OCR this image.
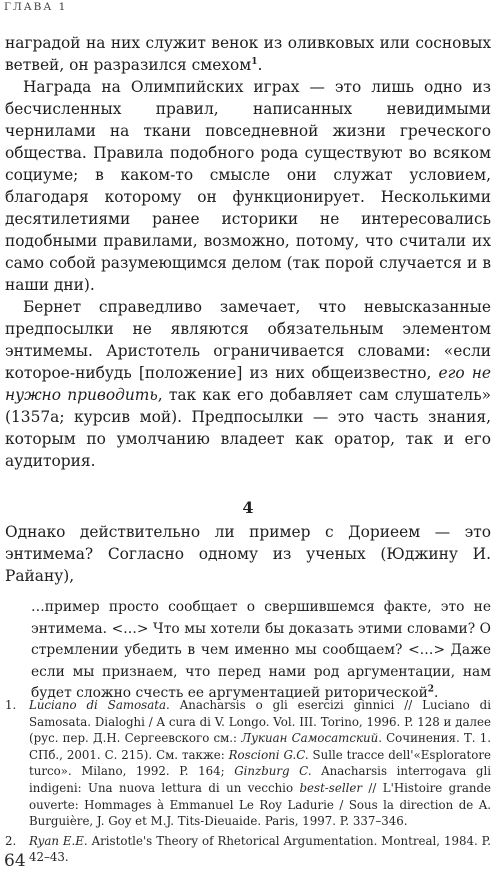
ГЛАВА 1

наградой на них служит венок из оливковых или сосновых ветвей, он разразился смехом$^1$.

Награда на Олимпийских играх — это лишь одно из бесчисленных правил, написанных невидимыми чернилами на ткани повседневной жизни греческого общества. Правила подобного рода существуют во всяком социуме; в каком-то смысле они служат условием, благодаря которому он функционирует. Несколькими десятилетиями ранее историки не интересовались подобными правилами, возможно, потому, что считали их само собой разумеющимся делом (так порой случается и в наши дни).

Бернет справедливо замечает, что невысказанные предпосылки не являются обязательным элементом энтимемы. Аристотель ограничивается словами: «если которое-нибудь [положение] из них общеизвестно, его не нужно приводить, так как его добавляет сам слушатель» (1357a; курсив мой). Предпосылки — это часть знания, которым по умолчанию владеет как оратор, так и его аудитория.

4

Однако действительно ли пример с Дориеем — это энтимема? Согласно одному из ученых (Юджину И. Райану),

…пример просто сообщает о свершившемся факте, это не энтимема. <…> Что мы хотели бы доказать этими словами? О стремлении убедить в чем именно мы сообщаем? <…> Даже если мы признаем, что перед нами род аргументации, нам будет сложно счесть ее аргументацией риторической$^2$.
1.	Luciano di Samosata. Anacharsis o gli esercizi ginnici // Luciano di Samosata. Dialoghi / A cura di V. Longo. Vol. III. Torino, 1996. P. 128 и далее (рус. пер. Д.Н. Сергеевского см.: Лукиан Самосатский. Сочинения. Т. 1. СПб., 2001. С. 215). См. также: Roscioni G.C. Sulle tracce dell'«Esploratore turco». Milano, 1992. P. 164; Ginzburg C. Anacharsis interrogava gli indigeni: Una nuova lettura di un vecchio best-seller // L'Histoire grande ouverte: Hommages à Emmanuel Le Roy Ladurie / Sous la direction de A. Burguière, J. Goy et M.J. Tits-Dieuaide. Paris, 1997. P. 337–346.
2.	Ryan E.E. Aristotle's Theory of Rhetorical Argumentation. Montreal, 1984. P. 42–43.
64
